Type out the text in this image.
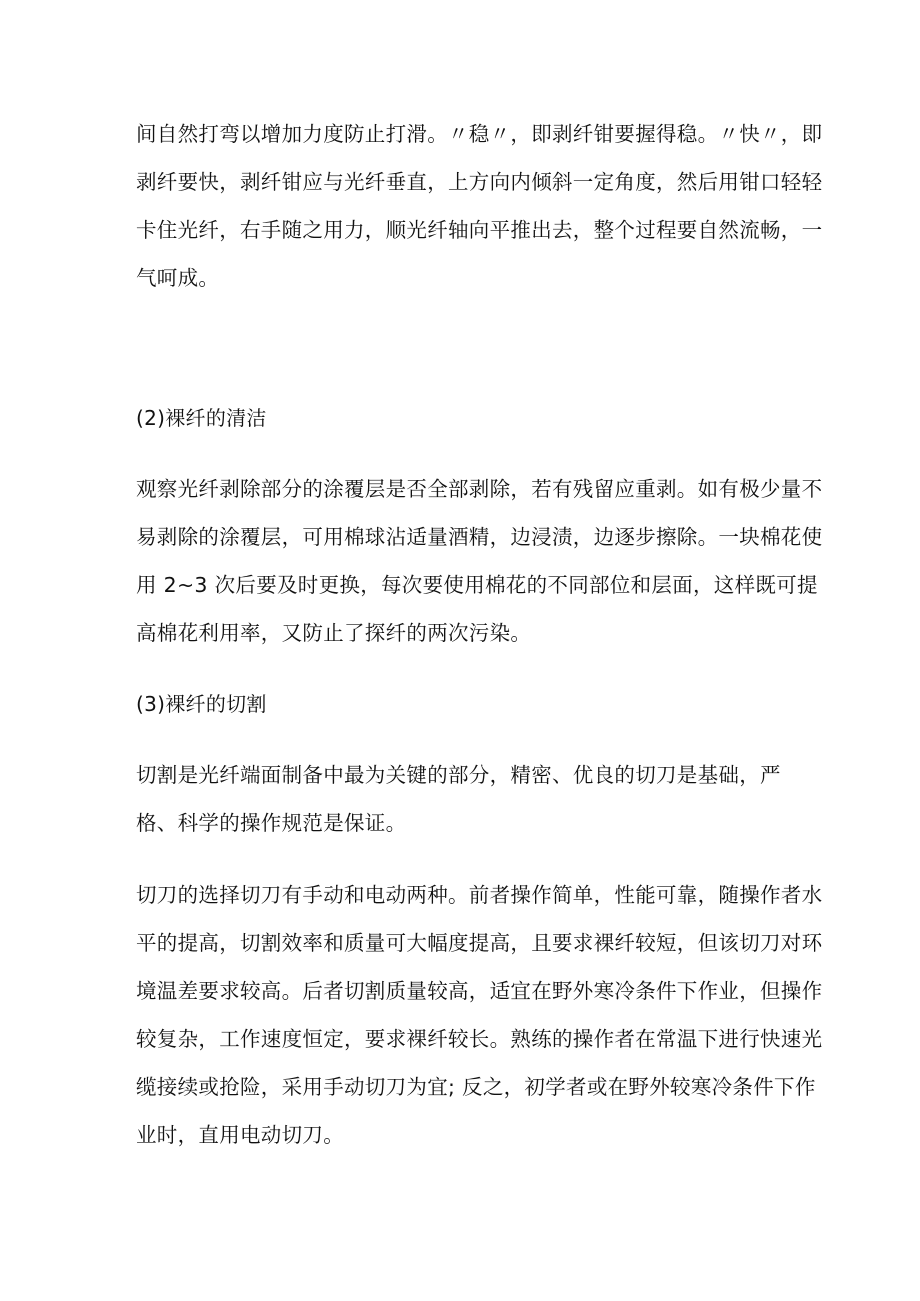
间自然打弯以增加力度防止打滑。〃稳〃，即剥纤钳要握得稳。〃快〃，即
剥纤要快，剥纤钳应与光纤垂直，上方向内倾斜一定角度，然后用钳口轻轻
卡住光纤，右手随之用力，顺光纤轴向平推出去，整个过程要自然流畅，一
气呵成。
(2)裸纤的清洁
观察光纤剥除部分的涂覆层是否全部剥除，若有残留应重剥。如有极少量不
易剥除的涂覆层，可用棉球沾适量酒精，边浸渍，边逐步擦除。一块棉花使
用 2~3 次后要及时更换，每次要使用棉花的不同部位和层面，这样既可提
高棉花利用率，又防止了探纤的两次污染。
(3)裸纤的切割
切割是光纤端面制备中最为关键的部分，精密、优良的切刀是基础，严
格、科学的操作规范是保证。
切刀的选择切刀有手动和电动两种。前者操作简单，性能可靠，随操作者水
平的提高，切割效率和质量可大幅度提高，且要求裸纤较短，但该切刀对环
境温差要求较高。后者切割质量较高，适宜在野外寒冷条件下作业，但操作
较复杂，工作速度恒定，要求裸纤较长。熟练的操作者在常温下进行快速光
缆接续或抢险，采用手动切刀为宜; 反之，初学者或在野外较寒冷条件下作
业时，直用电动切刀。
